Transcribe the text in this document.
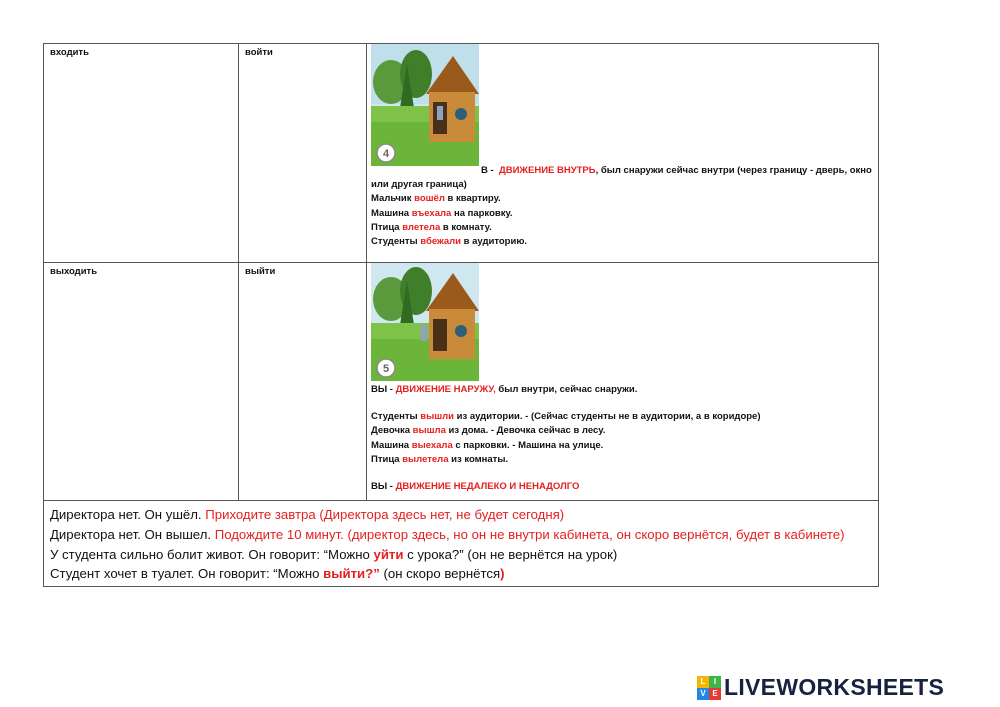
входить	войти
4
В - ДВИЖЕНИЕ ВНУТРЬ, был снаружи сейчас внутри (через границу - дверь, окно или другая граница)
Мальчик вошёл в квартиру.
Машина въехала на парковку.
Птица влетела в комнату.
Студенты вбежали в аудиторию.
выходить	выйти
5
ВЫ - ДВИЖЕНИЕ НАРУЖУ, был внутри, сейчас снаружи.
Студенты вышли из аудитории. - (Сейчас студенты не в аудитории, а в коридоре)
Девочка вышла из дома. - Девочка сейчас в лесу.
Машина выехала с парковки. - Машина на улице.
Птица вылетела из комнаты.
ВЫ - ДВИЖЕНИЕ НЕДАЛЕКО И НЕНАДОЛГО
Директора нет. Он ушёл. Приходите завтра (Директора здесь нет, не будет сегодня)
Директора нет. Он вышел. Подождите 10 минут. (директор здесь, но он не внутри кабинета, он скоро вернётся, будет в кабинете)
У студента сильно болит живот. Он говорит: “Можно уйти с урока?” (он не вернётся на урок)
Студент хочет в туалет. Он говорит: “Можно выйти?” (он скоро вернётся)
L	I
V E LIVEWORKSHEETS
